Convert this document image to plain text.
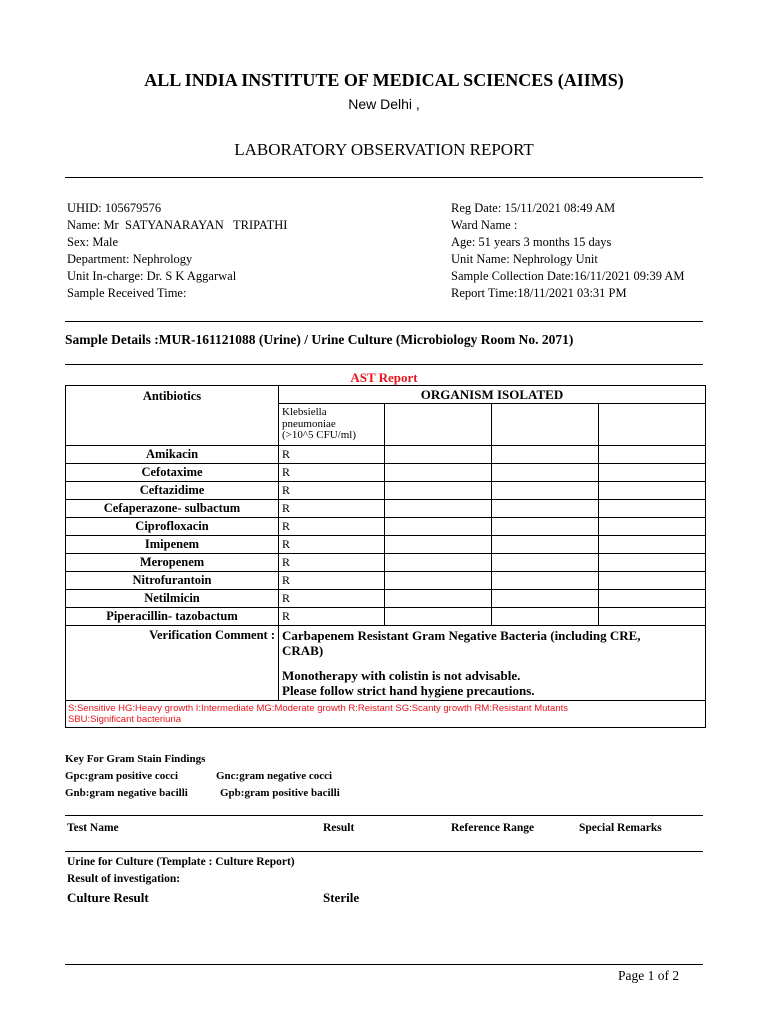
ALL INDIA INSTITUTE OF MEDICAL SCIENCES (AIIMS)
New Delhi ,
LABORATORY OBSERVATION REPORT
UHID: 105679576
Name: Mr  SATYANARAYAN   TRIPATHI
Sex: Male
Department: Nephrology
Unit In-charge: Dr. S K Aggarwal
Sample Received Time:
Reg Date: 15/11/2021 08:49 AM
Ward Name :
Age: 51 years 3 months 15 days
Unit Name: Nephrology Unit
Sample Collection Date:16/11/2021 09:39 AM
Report Time:18/11/2021 03:31 PM
Sample Details :MUR-161121088 (Urine) / Urine Culture (Microbiology Room No. 2071)
AST Report
Antibiotics	ORGANISM ISOLATED			

	Klebsiella
pneumoniae
(>10^5 CFU/ml)			

Amikacin	R			
Cefotaxime	R			
Ceftazidime	R			
Cefaperazone- sulbactum	R			
Ciprofloxacin	R			
Imipenem	R			
Meropenem	R			
Nitrofurantoin	R			
Netilmicin	R			
Piperacillin- tazobactum	R			
Verification Comment :	Carbapenem Resistant Gram Negative Bacteria (including CRE,
CRAB)
Monotherapy with colistin is not advisable.
Please follow strict hand hygiene precautions.			

S:Sensitive HG:Heavy growth I:Intermediate MG:Moderate growth R:Reistant SG:Scanty growth RM:Resistant Mutants
SBU:Significant bacteriuria				
Key For Gram Stain Findings
Gpc:gram positive cocci	Gnc:gram negative cocci
Gnb:gram negative bacilli	Gpb:gram positive bacilli
Test Name	Result	Reference Range	Special Remarks
Urine for Culture (Template : Culture Report)
Result of investigation:
Culture Result	Sterile
Page 1 of 2
